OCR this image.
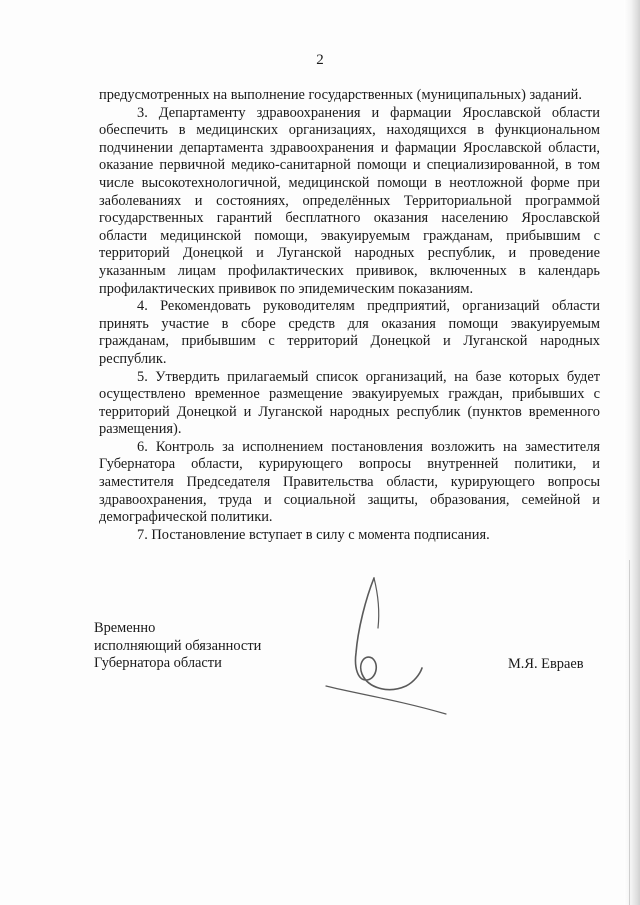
2

предусмотренных на выполнение государственных (муниципальных) заданий.

3. Департаменту здравоохранения и фармации Ярославской области обеспечить в медицинских организациях, находящихся в функциональном подчинении департамента здравоохранения и фармации Ярославской области, оказание первичной медико-санитарной помощи и специализированной, в том числе высокотехнологичной, медицинской помощи в неотложной форме при заболеваниях и состояниях, определённых Территориальной программой государственных гарантий бесплатного оказания населению Ярославской области медицинской помощи, эвакуируемым гражданам, прибывшим с территорий Донецкой и Луганской народных республик, и проведение указанным лицам профилактических прививок, включенных в календарь профилактических прививок по эпидемическим показаниям.

4. Рекомендовать руководителям предприятий, организаций области принять участие в сборе средств для оказания помощи эвакуируемым гражданам, прибывшим с территорий Донецкой и Луганской народных республик.

5. Утвердить прилагаемый список организаций, на базе которых будет осуществлено временное размещение эвакуируемых граждан, прибывших с территорий Донецкой и Луганской народных республик (пунктов временного размещения).

6. Контроль за исполнением постановления возложить на заместителя Губернатора области, курирующего вопросы внутренней политики, и заместителя Председателя Правительства области, курирующего вопросы здравоохранения, труда и социальной защиты, образования, семейной и демографической политики.

7. Постановление вступает в силу с момента подписания.

Временно
исполняющий обязанности
Губернатора области	М.Я. Евраев
